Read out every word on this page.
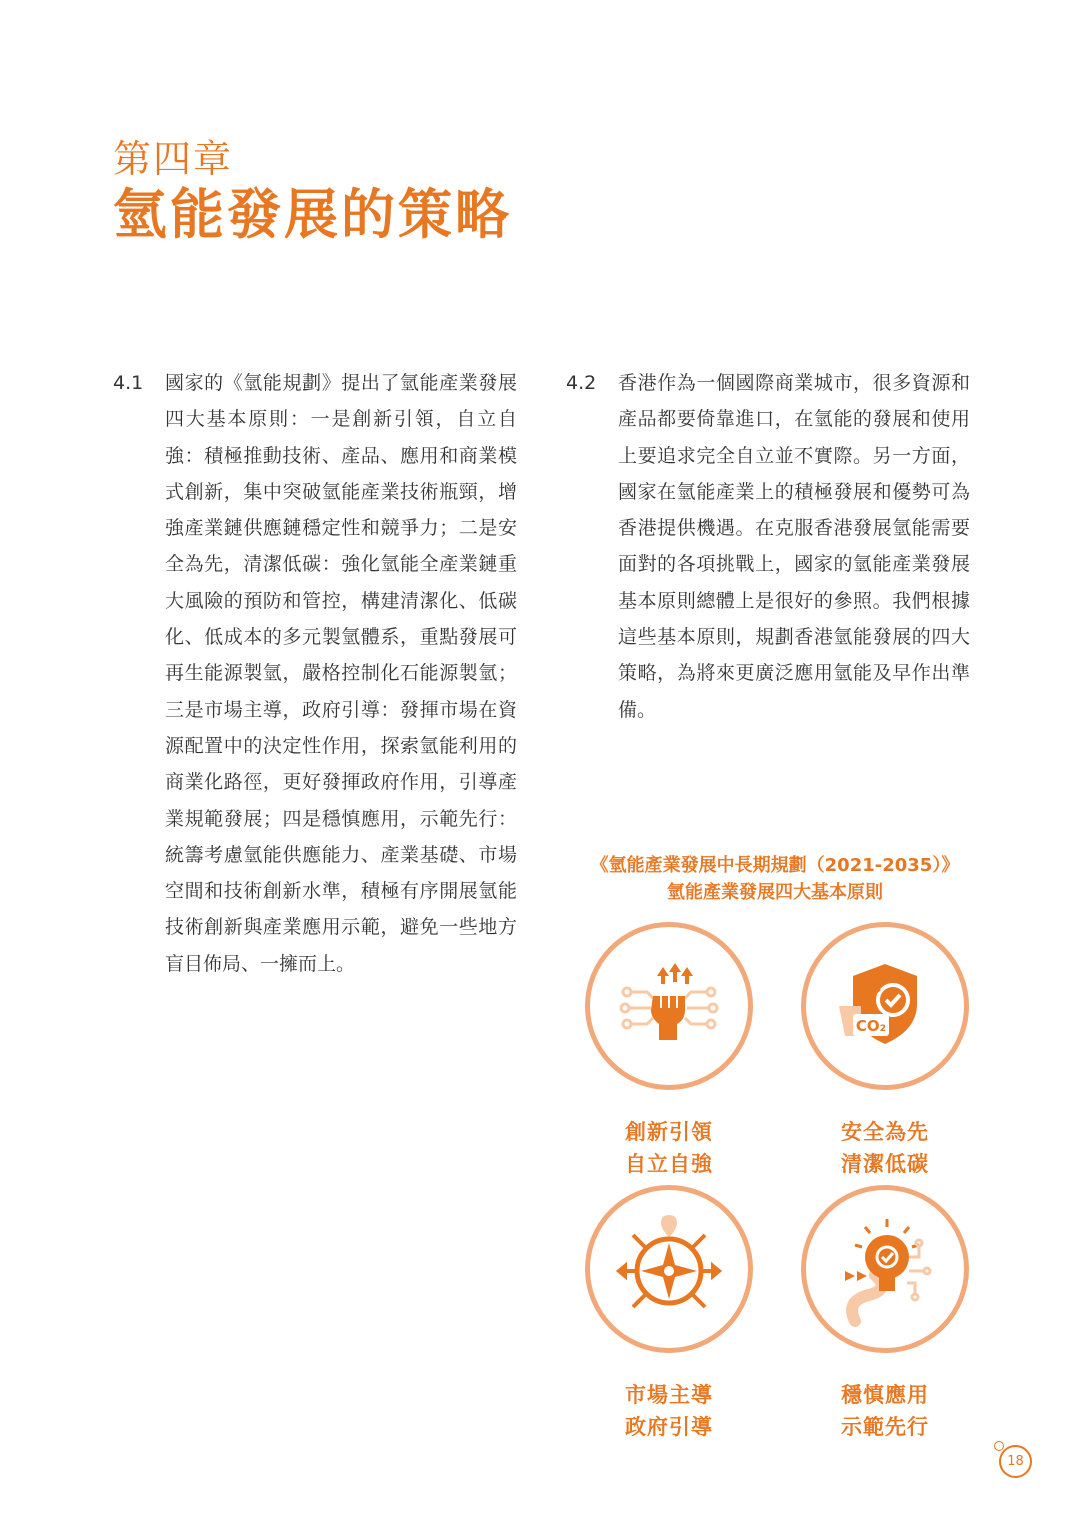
第四章
氫能發展的策略
4.1 國家的《氫能規劃》提出了氫能產業發展四大基本原則：一是創新引領，自立自強：積極推動技術、產品、應用和商業模式創新，集中突破氫能產業技術瓶頸，增強產業鏈供應鏈穩定性和競爭力；二是安全為先，清潔低碳：強化氫能全產業鏈重大風險的預防和管控，構建清潔化、低碳化、低成本的多元製氫體系，重點發展可再生能源製氫，嚴格控制化石能源製氫；三是市場主導，政府引導：發揮市場在資源配置中的決定性作用，探索氫能利用的商業化路徑，更好發揮政府作用，引導產業規範發展；四是穩慎應用，示範先行：統籌考慮氫能供應能力、產業基礎、市場空間和技術創新水準，積極有序開展氫能技術創新與產業應用示範，避免一些地方盲目佈局、一擁而上。
4.2 香港作為一個國際商業城市，很多資源和產品都要倚靠進口，在氫能的發展和使用上要追求完全自立並不實際。另一方面，國家在氫能產業上的積極發展和優勢可為香港提供機遇。在克服香港發展氫能需要面對的各項挑戰上，國家的氫能產業發展基本原則總體上是很好的參照。我們根據這些基本原則，規劃香港氫能發展的四大策略，為將來更廣泛應用氫能及早作出準備。
《氫能產業發展中長期規劃（2021-2035）》
氫能產業發展四大基本原則
創新引領
自立自強
CO₂
安全為先
清潔低碳
市場主導
政府引導
穩慎應用
示範先行
18
